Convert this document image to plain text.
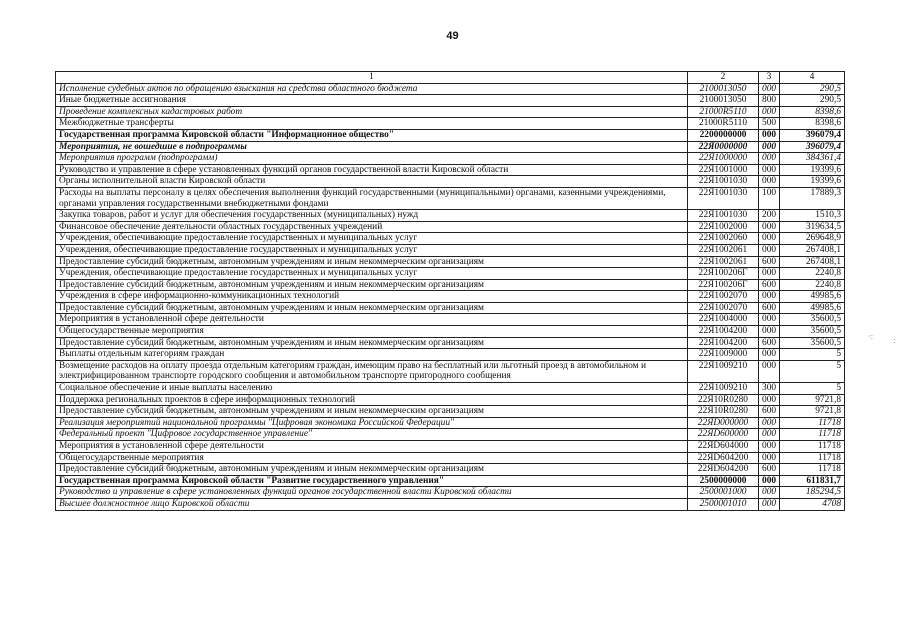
49
1	2	3	4
Исполнение судебных актов по обращению взыскания на средства областного бюджета	2100013050	000	290,5
Иные бюджетные ассигнования	2100013050	800	290,5
Проведение комплексных кадастровых работ	21000R5110	000	8398,6
Межбюджетные трансферты	21000R5110	500	8398,6
Государственная программа Кировской области "Информационное общество"	2200000000	000	396079,4
Мероприятия, не вошедшие в подпрограммы	22Я0000000	000	396079,4
Мероприятия программ (подпрограмм)	22Я1000000	000	384361,4
Руководство и управление в сфере установленных функций органов государственной власти Кировской области	22Я1001000	000	19399,6
Органы исполнительной власти Кировской области	22Я1001030	000	19399,6
Расходы на выплаты персоналу в целях обеспечения выполнения функций государственными (муниципальными) органами, казенными учреждениями, органами управления государственными внебюджетными фондами	22Я1001030	100	17889,3
Закупка товаров, работ и услуг для обеспечения государственных (муниципальных) нужд	22Я1001030	200	1510,3
Финансовое обеспечение деятельности областных государственных учреждений	22Я1002000	000	319634,5
Учреждения, обеспечивающие предоставление государственных и муниципальных услуг	22Я1002060	000	269648,9
Учреждения, обеспечивающие предоставление государственных и муниципальных услуг	22Я1002061	000	267408,1
Предоставление субсидий бюджетным, автономным учреждениям и иным некоммерческим организациям	22Я1002061	600	267408,1
Учреждения, обеспечивающие предоставление государственных и муниципальных услуг	22Я100206Г	000	2240,8
Предоставление субсидий бюджетным, автономным учреждениям и иным некоммерческим организациям	22Я100206Г	600	2240,8
Учреждения в сфере информационно-коммуникационных технологий	22Я1002070	000	49985,6
Предоставление субсидий бюджетным, автономным учреждениям и иным некоммерческим организациям	22Я1002070	600	49985,6
Мероприятия в установленной сфере деятельности	22Я1004000	000	35600,5
Общегосударственные мероприятия	22Я1004200	000	35600,5
Предоставление субсидий бюджетным, автономным учреждениям и иным некоммерческим организациям	22Я1004200	600	35600,5
Выплаты отдельным категориям граждан	22Я1009000	000	5
Возмещение расходов на оплату проезда отдельным категориям граждан, имеющим право на бесплатный или льготный проезд в автомобильном и электрифицированном транспорте городского сообщения и автомобильном транспорте пригородного сообщения	22Я1009210	000	5
Социальное обеспечение и иные выплаты населению	22Я1009210	300	5
Поддержка региональных проектов в сфере информационных технологий	22Я10R0280	000	9721,8
Предоставление субсидий бюджетным, автономным учреждениям и иным некоммерческим организациям	22Я10R0280	600	9721,8
Реализация мероприятий национальной программы "Цифровая экономика Российской Федерации"	22ЯD000000	000	11718
Федеральный проект "Цифровое государственное управление"	22ЯD600000	000	11718
Мероприятия в установленной сфере деятельности	22ЯD604000	000	11718
Общегосударственные мероприятия	22ЯD604200	000	11718
Предоставление субсидий бюджетным, автономным учреждениям и иным некоммерческим организациям	22ЯD604200	600	11718
Государственная программа Кировской области "Развитие государственного управления"	2500000000	000	611831,7
Руководство и управление в сфере установленных функций органов государственной власти Кировской области	2500001000	000	185294,5
Высшее должностное лицо Кировской области	2500001010	000	4708
·: :
